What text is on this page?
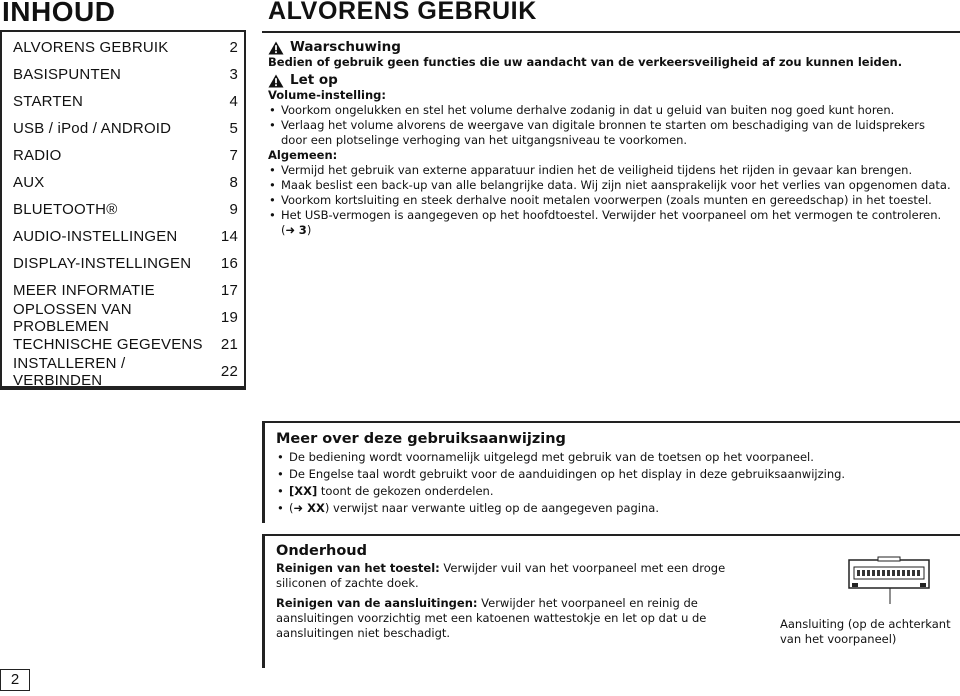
INHOUD
ALVORENS GEBRUIK	2
BASISPUNTEN	3
STARTEN	4
USB / iPod / ANDROID	5
RADIO	7
AUX	8
BLUETOOTH®	9
AUDIO-INSTELLINGEN	14
DISPLAY-INSTELLINGEN	16
MEER INFORMATIE	17
OPLOSSEN VAN PROBLEMEN	19
TECHNISCHE GEGEVENS	21
INSTALLEREN / VERBINDEN	22
ALVORENS GEBRUIK
Waarschuwing
Bedien of gebruik geen functies die uw aandacht van de verkeersveiligheid af zou kunnen leiden.
Let op
Volume-instelling:
• Voorkom ongelukken en stel het volume derhalve zodanig in dat u geluid van buiten nog goed kunt horen.
• Verlaag het volume alvorens de weergave van digitale bronnen te starten om beschadiging van de luidsprekers door een plotselinge verhoging van het uitgangsniveau te voorkomen.
Algemeen:
• Vermijd het gebruik van externe apparatuur indien het de veiligheid tijdens het rijden in gevaar kan brengen.
• Maak beslist een back-up van alle belangrijke data. Wij zijn niet aansprakelijk voor het verlies van opgenomen data.
• Voorkom kortsluiting en steek derhalve nooit metalen voorwerpen (zoals munten en gereedschap) in het toestel.
• Het USB-vermogen is aangegeven op het hoofdtoestel. Verwijder het voorpaneel om het vermogen te controleren. (➜ 3)
Meer over deze gebruiksaanwijzing
• De bediening wordt voornamelijk uitgelegd met gebruik van de toetsen op het voorpaneel.
• De Engelse taal wordt gebruikt voor de aanduidingen op het display in deze gebruiksaanwijzing.
• [XX] toont de gekozen onderdelen.
• (➜ XX) verwijst naar verwante uitleg op de aangegeven pagina.
Onderhoud

Reinigen van het toestel: Verwijder vuil van het voorpaneel met een droge siliconen of zachte doek.

Reinigen van de aansluitingen: Verwijder het voorpaneel en reinig de aansluitingen voorzichtig met een katoenen wattestokje en let op dat u de aansluitingen niet beschadigt.

Aansluiting (op de achterkant van het voorpaneel)
2
